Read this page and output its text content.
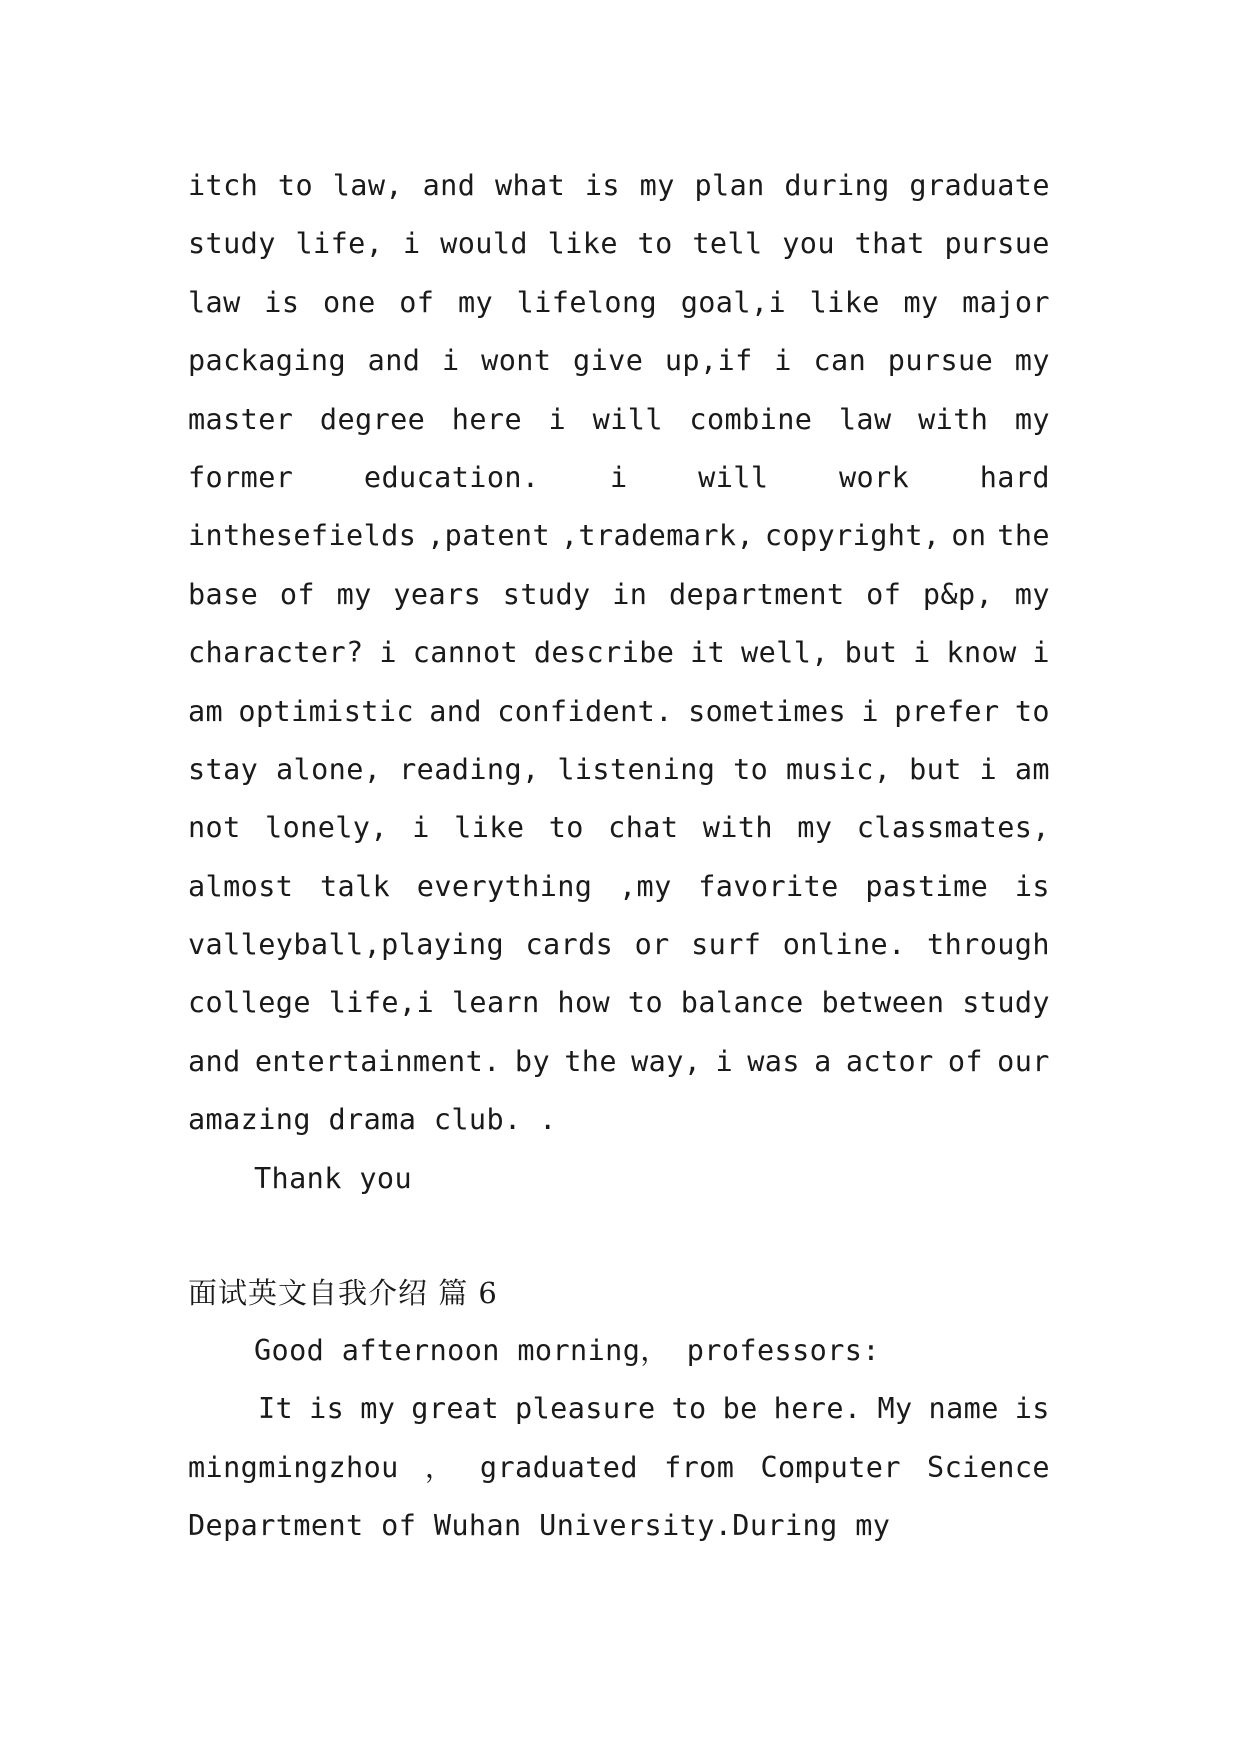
itch to law, and what is my plan during graduate
study life, i would like to tell you that pursue
law is one of my lifelong goal,i like my major
packaging and i wont give up,if i can pursue my
master degree here i will combine law with my
former education. i will work hard
inthesefields ,patent ,trademark, copyright, on the
base of my years study in department of p&p, my
character? i cannot describe it well, but i know i
am optimistic and confident. sometimes i prefer to
stay alone, reading, listening to music, but i am
not lonely, i like to chat with my classmates,
almost talk everything ,my favorite pastime is
valleyball,playing cards or surf online. through
college life,i learn how to balance between study
and entertainment. by the way, i was a actor of our
amazing drama club. .
Thank you
面试英文自我介绍 篇 6
Good afternoon morning， professors:
It is my great pleasure to be here. My name is
mingmingzhou ， graduated from Computer Science
Department of Wuhan University.During my
